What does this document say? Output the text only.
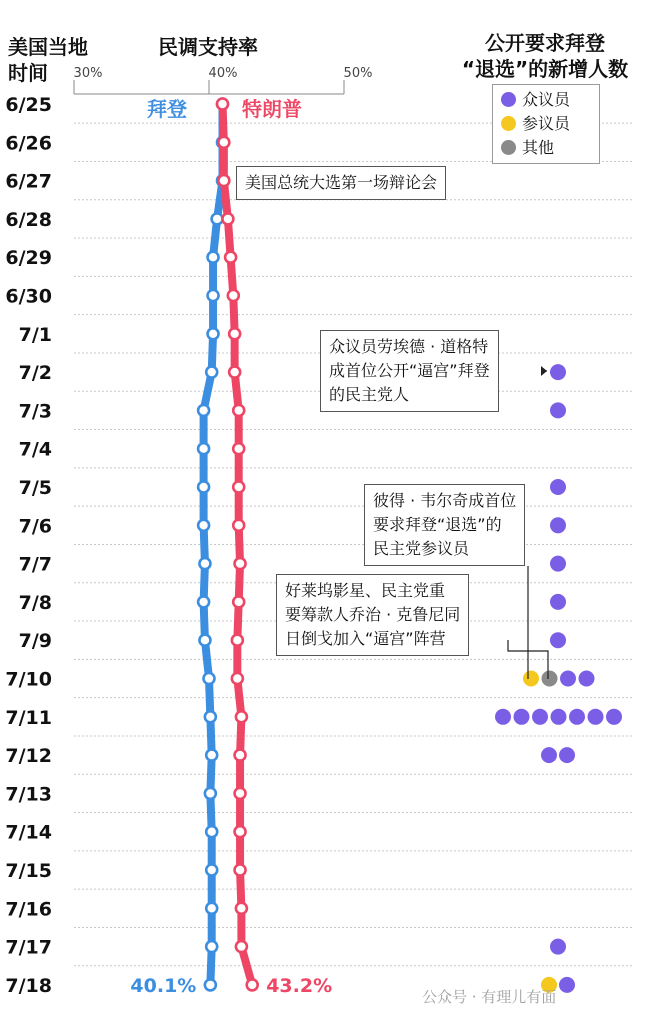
30%	40%	50%
6/25
6/26
6/27
6/28
6/29
6/30
7/1
7/2
7/3
7/4
7/5
7/6
7/7
7/8
7/9
7/10
7/11
7/12
7/13
7/14
7/15
7/16
7/17
7/18	40.1%	43.2%
拜登	特朗普
美国当地
时间
民调支持率	公开要求拜登
“退选”的新增人数
众议员
参议员
其他
美国总统大选第一场辩论会
众议员劳埃德 · 道格特
成首位公开“逼宫”拜登
的民主党人
彼得 · 韦尔奇成首位
要求拜登“退选”的
民主党参议员
好莱坞影星、民主党重
要筹款人乔治 · 克鲁尼同
日倒戈加入“逼宫”阵营
公众号 · 有理儿有面
